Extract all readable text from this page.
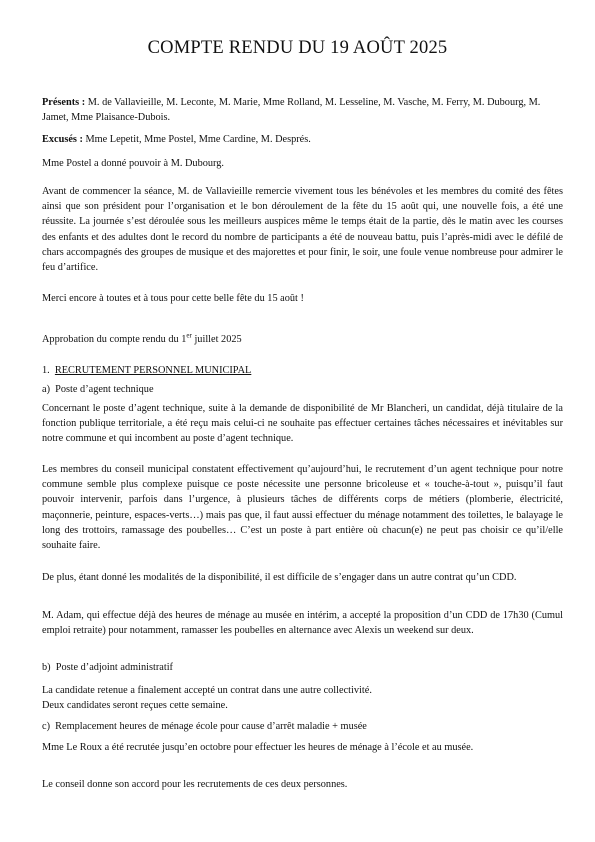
COMPTE RENDU DU 19 AOÛT 2025

Présents : M. de Vallavieille, M. Leconte, M. Marie, Mme Rolland, M. Lesseline, M. Vasche, M. Ferry, M. Dubourg, M. Jamet, Mme Plaisance-Dubois.

Excusés : Mme Lepetit, Mme Postel, Mme Cardine, M. Després.

Mme Postel a donné pouvoir à M. Dubourg.

Avant de commencer la séance, M. de Vallavieille remercie vivement tous les bénévoles et les membres du comité des fêtes ainsi que son président pour l’organisation et le bon déroulement de la fête du 15 août qui, une nouvelle fois, a été une réussite. La journée s’est déroulée sous les meilleurs auspices même le temps était de la partie, dès le matin avec les courses des enfants et des adultes dont le record du nombre de participants a été de nouveau battu, puis l’après-midi avec le défilé de chars accompagnés des groupes de musique et des majorettes et pour finir, le soir, une foule venue nombreuse pour admirer le feu d’artifice.

Merci encore à toutes et à tous pour cette belle fête du 15 août !

Approbation du compte rendu du 1er juillet 2025

1. RECRUTEMENT PERSONNEL MUNICIPAL

a) Poste d’agent technique

Concernant le poste d’agent technique, suite à la demande de disponibilité de Mr Blancheri, un candidat, déjà titulaire de la fonction publique territoriale, a été reçu mais celui-ci ne souhaite pas effectuer certaines tâches nécessaires et inévitables sur notre commune et qui incombent au poste d’agent technique.

Les membres du conseil municipal constatent effectivement qu’aujourd’hui, le recrutement d’un agent technique pour notre commune semble plus complexe puisque ce poste nécessite une personne bricoleuse et « touche-à-tout », puisqu’il faut pouvoir intervenir, parfois dans l’urgence, à plusieurs tâches de différents corps de métiers (plomberie, électricité, maçonnerie, peinture, espaces-verts…) mais pas que, il faut aussi effectuer du ménage notamment des toilettes, le balayage le long des trottoirs, ramassage des poubelles… C’est un poste à part entière où chacun(e) ne peut pas choisir ce qu’il/elle souhaite faire.

De plus, étant donné les modalités de la disponibilité, il est difficile de s’engager dans un autre contrat qu’un CDD.

M. Adam, qui effectue déjà des heures de ménage au musée en intérim, a accepté la proposition d’un CDD de 17h30 (Cumul emploi retraite) pour notamment, ramasser les poubelles en alternance avec Alexis un weekend sur deux.

b) Poste d’adjoint administratif

La candidate retenue a finalement accepté un contrat dans une autre collectivité.

Deux candidates seront reçues cette semaine.

c) Remplacement heures de ménage école pour cause d’arrêt maladie + musée

Mme Le Roux a été recrutée jusqu’en octobre pour effectuer les heures de ménage à l’école et au musée.

Le conseil donne son accord pour les recrutements de ces deux personnes.
